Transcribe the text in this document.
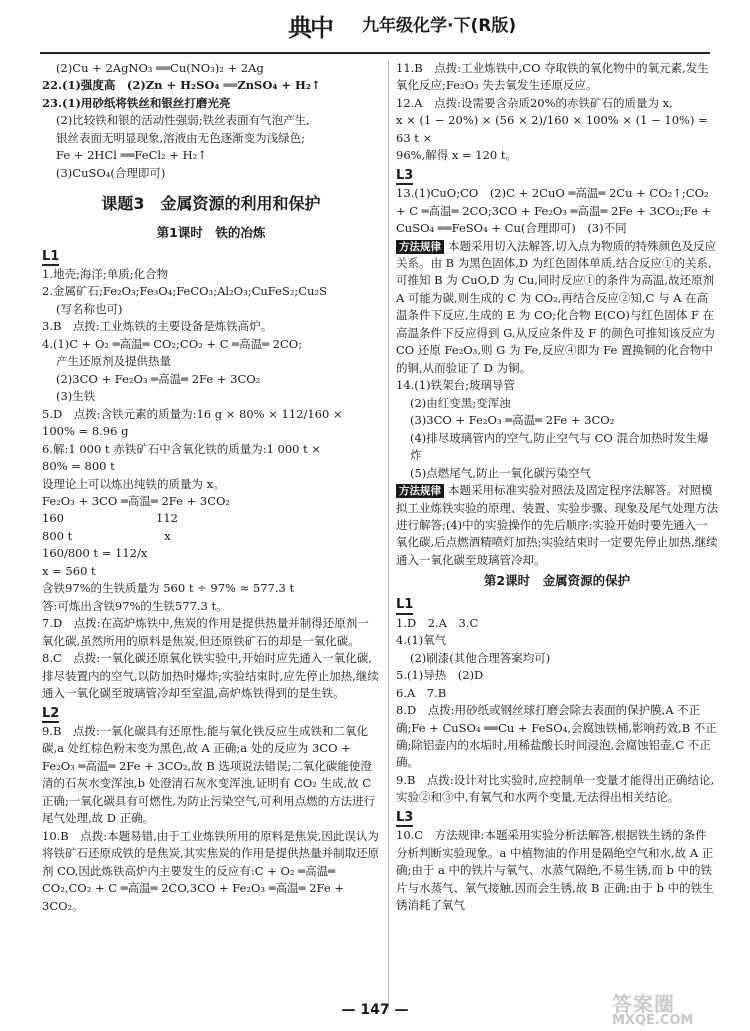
典中 九年级化学·下(R版)

(2)Cu + 2AgNO₃ ══Cu(NO₃)₂ + 2Ag

22.(1)强度高　(2)Zn + H₂SO₄ ══ZnSO₄ + H₂↑

23.(1)用砂纸将铁丝和银丝打磨光亮

(2)比较铁和银的活动性强弱;铁丝表面有气泡产生,

银丝表面无明显现象,溶液由无色逐渐变为浅绿色;

Fe + 2HCl ══FeCl₂ + H₂↑

(3)CuSO₄(合理即可)

课题3　金属资源的利用和保护
第1课时　铁的冶炼
L1

1.地壳;海洋;单质;化合物

2.金属矿石;Fe₂O₃;Fe₃O₄;FeCO₃;Al₂O₃;CuFeS₂;Cu₂S

(写名称也可)

3.B　点拨:工业炼铁的主要设备是炼铁高炉。

4.(1)C + O₂ ═高温═ CO₂;CO₂ + C ═高温═ 2CO;

产生还原剂及提供热量

(2)3CO + Fe₂O₃ ═高温═ 2Fe + 3CO₂

(3)生铁

5.D　点拨:含铁元素的质量为:16 g × 80% × 112/160 ×

100% = 8.96 g

6.解:1 000 t 赤铁矿石中含氧化铁的质量为:1 000 t ×

80% = 800 t

设理论上可以炼出纯铁的质量为 x。

Fe₂O₃ + 3CO ═高温═ 2Fe + 3CO₂

160　　　　　　　　112

800 t　　　　　　　　x

160/800 t = 112/x

x = 560 t

含铁97%的生铁质量为 560 t ÷ 97% ≈ 577.3 t

答:可炼出含铁97%的生铁577.3 t。

7.D　点拨:在高炉炼铁中,焦炭的作用是提供热量并制得还原剂一氧化碳,虽然所用的原料是焦炭,但还原铁矿石的却是一氧化碳。

8.C　点拨:一氧化碳还原氧化铁实验中,开始时应先通入一氧化碳,排尽装置内的空气,以防加热时爆炸;实验结束时,应先停止加热,继续通入一氧化碳至玻璃管冷却至室温,高炉炼铁得到的是生铁。

L2

9.B　点拨:一氧化碳具有还原性,能与氧化铁反应生成铁和二氧化碳,a 处红棕色粉末变为黑色,故 A 正确;a 处的反应为 3CO + Fe₂O₃ ═高温═ 2Fe + 3CO₂,故 B 选项说法错误;二氧化碳能使澄清的石灰水变浑浊,b 处澄清石灰水变浑浊,证明有 CO₂ 生成,故 C 正确;一氧化碳具有可燃性,为防止污染空气,可利用点燃的方法进行尾气处理,故 D 正确。

10.B　点拨:本题易错,由于工业炼铁所用的原料是焦炭,因此误认为将铁矿石还原成铁的是焦炭,其实焦炭的作用是提供热量并制取还原剂 CO,因此炼铁高炉内主要发生的反应有:C + O₂ ═高温═ CO₂,CO₂ + C ═高温═ 2CO,3CO + Fe₂O₃ ═高温═ 2Fe + 3CO₂。

11.B　点拨:工业炼铁中,CO 夺取铁的氧化物中的氧元素,发生氧化反应;Fe₂O₃ 失去氧发生还原反应。

12.A　点拨:设需要含杂质20%的赤铁矿石的质量为 x,

x × (1 − 20%) × (56 × 2)/160 × 100% × (1 − 10%) = 63 t ×

96%,解得 x = 120 t。

L3

13.(1)CuO;CO　(2)C + 2CuO ═高温═ 2Cu + CO₂↑;CO₂ + C ═高温═ 2CO;3CO + Fe₂O₃ ═高温═ 2Fe + 3CO₂;Fe + CuSO₄ ══FeSO₄ + Cu(合理即可)　(3)不同

方法规律 本题采用切入法解答,切入点为物质的特殊颜色及反应关系。由 B 为黑色固体,D 为红色固体单质,结合反应①的关系,可推知 B 为 CuO,D 为 Cu,同时反应①的条件为高温,故还原剂 A 可能为碳,则生成的 C 为 CO₂,再结合反应②知,C 与 A 在高温条件下反应,生成的 E 为 CO;化合物 E(CO)与红色固体 F 在高温条件下反应得到 G,从反应条件及 F 的颜色可推知该反应为 CO 还原 Fe₂O₃,则 G 为 Fe,反应④即为 Fe 置换铜的化合物中的铜,从而验证了 D 为铜。

14.(1)铁架台;玻璃导管

(2)由红变黑;变浑浊

(3)3CO + Fe₂O₃ ═高温═ 2Fe + 3CO₂

(4)排尽玻璃管内的空气,防止空气与 CO 混合加热时发生爆炸

(5)点燃尾气,防止一氧化碳污染空气

方法规律 本题采用标准实验对照法及固定程序法解答。对照模拟工业炼铁实验的原理、装置、实验步骤、现象及尾气处理方法进行解答;(4)中的实验操作的先后顺序:实验开始时要先通入一氧化碳,后点燃酒精喷灯加热;实验结束时一定要先停止加热,继续通入一氧化碳至玻璃管冷却。

第2课时　金属资源的保护
L1

1.D　2.A　3.C

4.(1)氧气

(2)刷漆(其他合理答案均可)

5.(1)导热　(2)D

6.A　7.B

8.D　点拨:用砂纸或钢丝球打磨会除去表面的保护膜,A 不正确;Fe + CuSO₄ ══Cu + FeSO₄,会腐蚀铁桶,影响药效,B 不正确;除铝壶内的水垢时,用稀盐酸长时间浸泡,会腐蚀铝壶,C 不正确。

9.B　点拨:设计对比实验时,应控制单一变量才能得出正确结论,实验②和③中,有氧气和水两个变量,无法得出相关结论。

L3

10.C　方法规律:本题采用实验分析法解答,根据铁生锈的条件分析判断实验现象。a 中植物油的作用是隔绝空气和水,故 A 正确;由于 a 中的铁片与氧气、水蒸气隔绝,不易生锈,而 b 中的铁片与水蒸气、氧气接触,因而会生锈,故 B 正确;由于 b 中的铁生锈消耗了氧气

— 147 —	答案圈
MXQE.COM
